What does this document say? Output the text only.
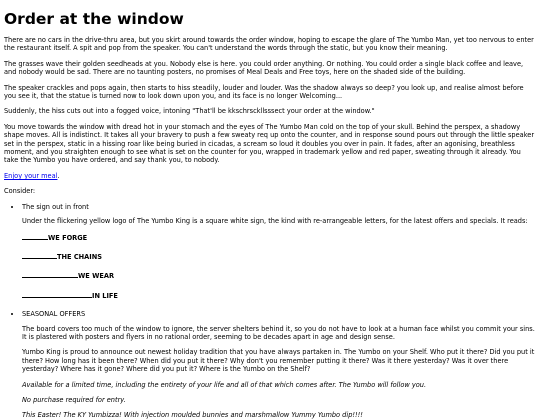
Order at the window

There are no cars in the drive-thru area, but you skirt around towards the order window, hoping to escape the glare of The Yumbo Man, yet too nervous to enter the restaurant itself. A spit and pop from the speaker. You can't understand the words through the static, but you know their meaning.

The grasses wave their golden seedheads at you. Nobody else is here. you could order anything. Or nothing. You could order a single black coffee and leave, and nobody would be sad. There are no taunting posters, no promises of Meal Deals and Free toys, here on the shaded side of the building.

The speaker crackles and pops again, then starts to hiss steadily, louder and louder. Was the shadow always so deep? you look up, and realise almost before you see it, that the statue is turned now to look down upon you, and its face is no longer Welcoming...

Suddenly, the hiss cuts out into a fogged voice, intoning "That'll be kkschrsckllsssect your order at the window."

You move towards the window with dread hot in your stomach and the eyes of The Yumbo Man cold on the top of your skull. Behind the perspex, a shadowy shape moves. All is indistinct. It takes all your bravery to push a few sweaty req up onto the counter, and in response sound pours out through the little speaker set in the perspex, static in a hissing roar like being buried in cicadas, a scream so loud it doubles you over in pain. It fades, after an agonising, breathless moment, and you straighten enough to see what is set on the counter for you, wrapped in trademark yellow and red paper, sweating through it already. You take the Yumbo you have ordered, and say thank you, to nobody.

Enjoy your meal.

Consider:

• The sign out in front

Under the flickering yellow logo of The Yumbo King is a square white sign, the kind with re-arrangeable letters, for the latest offers and specials. It reads:

WE FORGE
THE CHAINS
WE WEAR
IN LIFE
• SEASONAL OFFERS

The board covers too much of the window to ignore, the server shelters behind it, so you do not have to look at a human face whilst you commit your sins. It is plastered with posters and flyers in no rational order, seeming to be decades apart in age and design sense.

Yumbo King is proud to announce out newest holiday tradition that you have always partaken in. The Yumbo on your Shelf. Who put it there? Did you put it there? How long has it been there? When did you put it there? Why don't you remember putting it there? Was it there yesterday? Was it over there yesterday? Where has it gone? Where did you put it? Where is the Yumbo on the Shelf?

Available for a limited time, including the entirety of your life and all of that which comes after. The Yumbo will follow you.

No purchase required for entry.

This Easter! The KY Yumbizza! With injection moulded bunnies and marshmallow Yummy Yumbo dip!!!!
